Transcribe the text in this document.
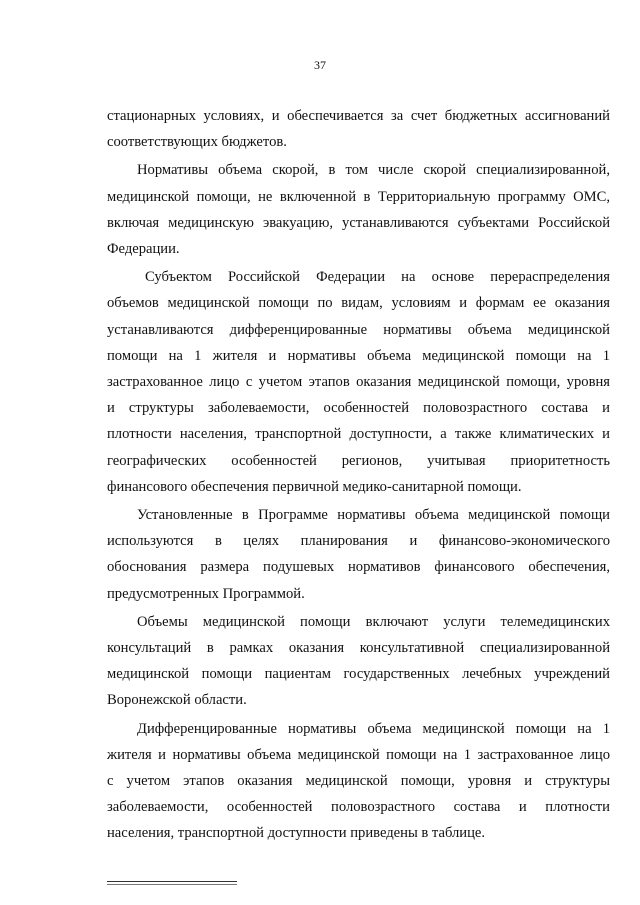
37
стационарных условиях, и обеспечивается за счет бюджетных ассигнований
соответствующих бюджетов.
Нормативы объема скорой, в том числе скорой специализированной,
медицинской помощи, не включенной в Территориальную программу ОМС,
включая медицинскую эвакуацию, устанавливаются субъектами Российской
Федерации.
Субъектом Российской Федерации на основе перераспределения
объемов медицинской помощи по видам, условиям и формам ее оказания
устанавливаются дифференцированные нормативы объема медицинской
помощи на 1 жителя и нормативы объема медицинской помощи на 1
застрахованное лицо с учетом этапов оказания медицинской помощи, уровня
и структуры заболеваемости, особенностей половозрастного состава и
плотности населения, транспортной доступности, а также климатических и
географических особенностей регионов, учитывая приоритетность
финансового обеспечения первичной медико-санитарной помощи.
Установленные в Программе нормативы объема медицинской помощи
используются в целях планирования и финансово-экономического
обоснования размера подушевых нормативов финансового обеспечения,
предусмотренных Программой.
Объемы медицинской помощи включают услуги телемедицинских
консультаций в рамках оказания консультативной специализированной
медицинской помощи пациентам государственных лечебных учреждений
Воронежской области.
Дифференцированные нормативы объема медицинской помощи на 1
жителя и нормативы объема медицинской помощи на 1 застрахованное лицо
с учетом этапов оказания медицинской помощи, уровня и структуры
заболеваемости, особенностей половозрастного состава и плотности
населения, транспортной доступности приведены в таблице.
